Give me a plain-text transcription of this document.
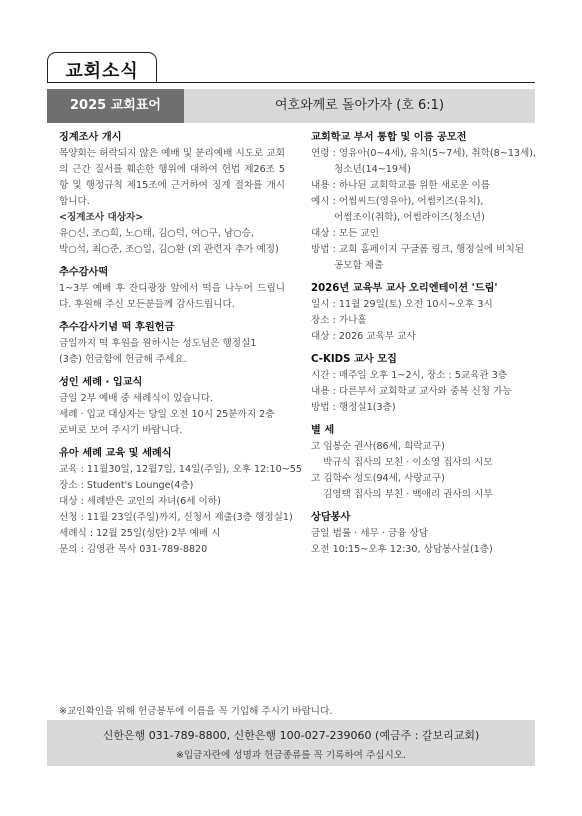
교회소식
2025 교회표어	여호와께로 돌아가자 (호 6:1)
징계조사 개시
목양회는 허락되지 않은 예배 및 분리예배 시도로 교회의 근간 질서를 훼손한 행위에 대하여 헌법 제26조 5항 및 행정규칙 제15조에 근거하여 징계 절차를 개시합니다.
<징계조사 대상자>
유○신, 조○희, 노○태, 김○덕, 여○구, 남○승,
박○석, 최○준, 조○일, 김○환 (외 관련자 추가 예정)
추수감사떡
1~3부 예배 후 잔디광장 앞에서 떡을 나누어 드립니다. 후원해 주신 모든분들께 감사드립니다.
추수감사기념 떡 후원헌금
금일까지 떡 후원을 원하시는 성도님은 행정실1
(3층) 헌금함에 헌금해 주세요.
성인 세례 · 입교식
금일 2부 예배 중 세례식이 있습니다.
세례 · 입교 대상자는 당일 오전 10시 25분까지 2층
로비로 모여 주시기 바랍니다.
유아 세례 교육 및 세례식
교육 : 11월30일, 12월7일, 14일(주일), 오후 12:10~55
장소 : Student's Lounge(4층)
대상 : 세례받은 교인의 자녀(6세 이하)
신청 : 11월 23일(주일)까지, 신청서 제출(3층 행정실1)
세례식 : 12월 25일(성탄) 2부 예배 시
문의 : 김영관 목사 031-789-8820
교회학교 부서 통합 및 이름 공모전
연령 : 영유아(0~4세), 유치(5~7세), 취학(8~13세),
청소년(14~19세)
내용 : 하나된 교회학교를 위한 새로운 이름
예시 : 어썸씨드(영유아), 어썸키즈(유치),
어썸조이(취학), 어썸라이즈(청소년)
대상 : 모든 교인
방법 : 교회 홈페이지 구글폼 링크, 행정실에 비치된
공모함 제출
2026년 교육부 교사 오리엔테이션 '드림'
일시 : 11월 29일(토) 오전 10시~오후 3시
장소 : 가나홀
대상 : 2026 교육부 교사
C-KIDS 교사 모집
시간 : 매주일 오후 1~2시, 장소 : 5교육관 3층
내용 : 다른부서 교회학교 교사와 중복 신청 가능
방법 : 행정실1(3층)
별 세
고 임봉순 권사(86세, 희락교구)
박규식 집사의 모친 · 이소영 집사의 시모
고 김학수 성도(94세, 사랑교구)
김영택 집사의 부친 · 백애리 권사의 시부
상담봉사
금일 법률 · 세무 · 금융 상담
오전 10:15~오후 12:30, 상담봉사실(1층)
※교인확인을 위해 헌금봉투에 이름을 꼭 기입해 주시기 바랍니다.
신한은행 031-789-8800, 신한은행 100-027-239060 (예금주 : 갈보리교회)
※입금자란에 성명과 헌금종류를 꼭 기록하여 주십시오.
